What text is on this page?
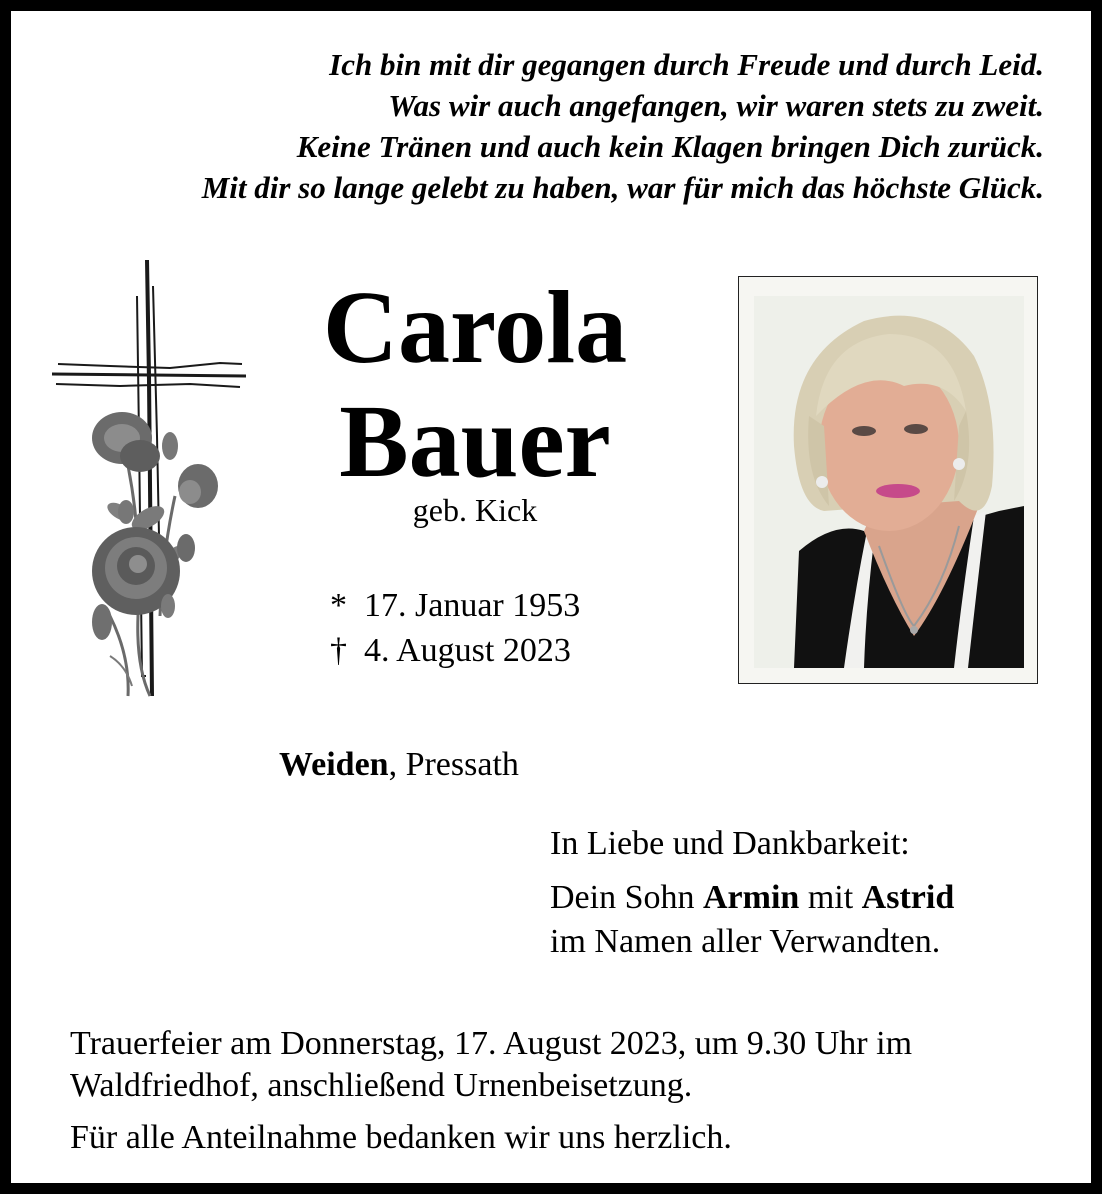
Ich bin mit dir gegangen durch Freude und durch Leid.
Was wir auch angefangen, wir waren stets zu zweit.
Keine Tränen und auch kein Klagen bringen Dich zurück.
Mit dir so lange gelebt zu haben, war für mich das höchste Glück.
Carola
Bauer
geb. Kick
* 17. Januar 1953
† 4. August 2023
Weiden, Pressath
In Liebe und Dankbarkeit:
Dein Sohn Armin mit Astrid
im Namen aller Verwandten.
Trauerfeier am Donnerstag, 17. August 2023, um 9.30 Uhr im
Waldfriedhof, anschließend Urnenbeisetzung.
Für alle Anteilnahme bedanken wir uns herzlich.
